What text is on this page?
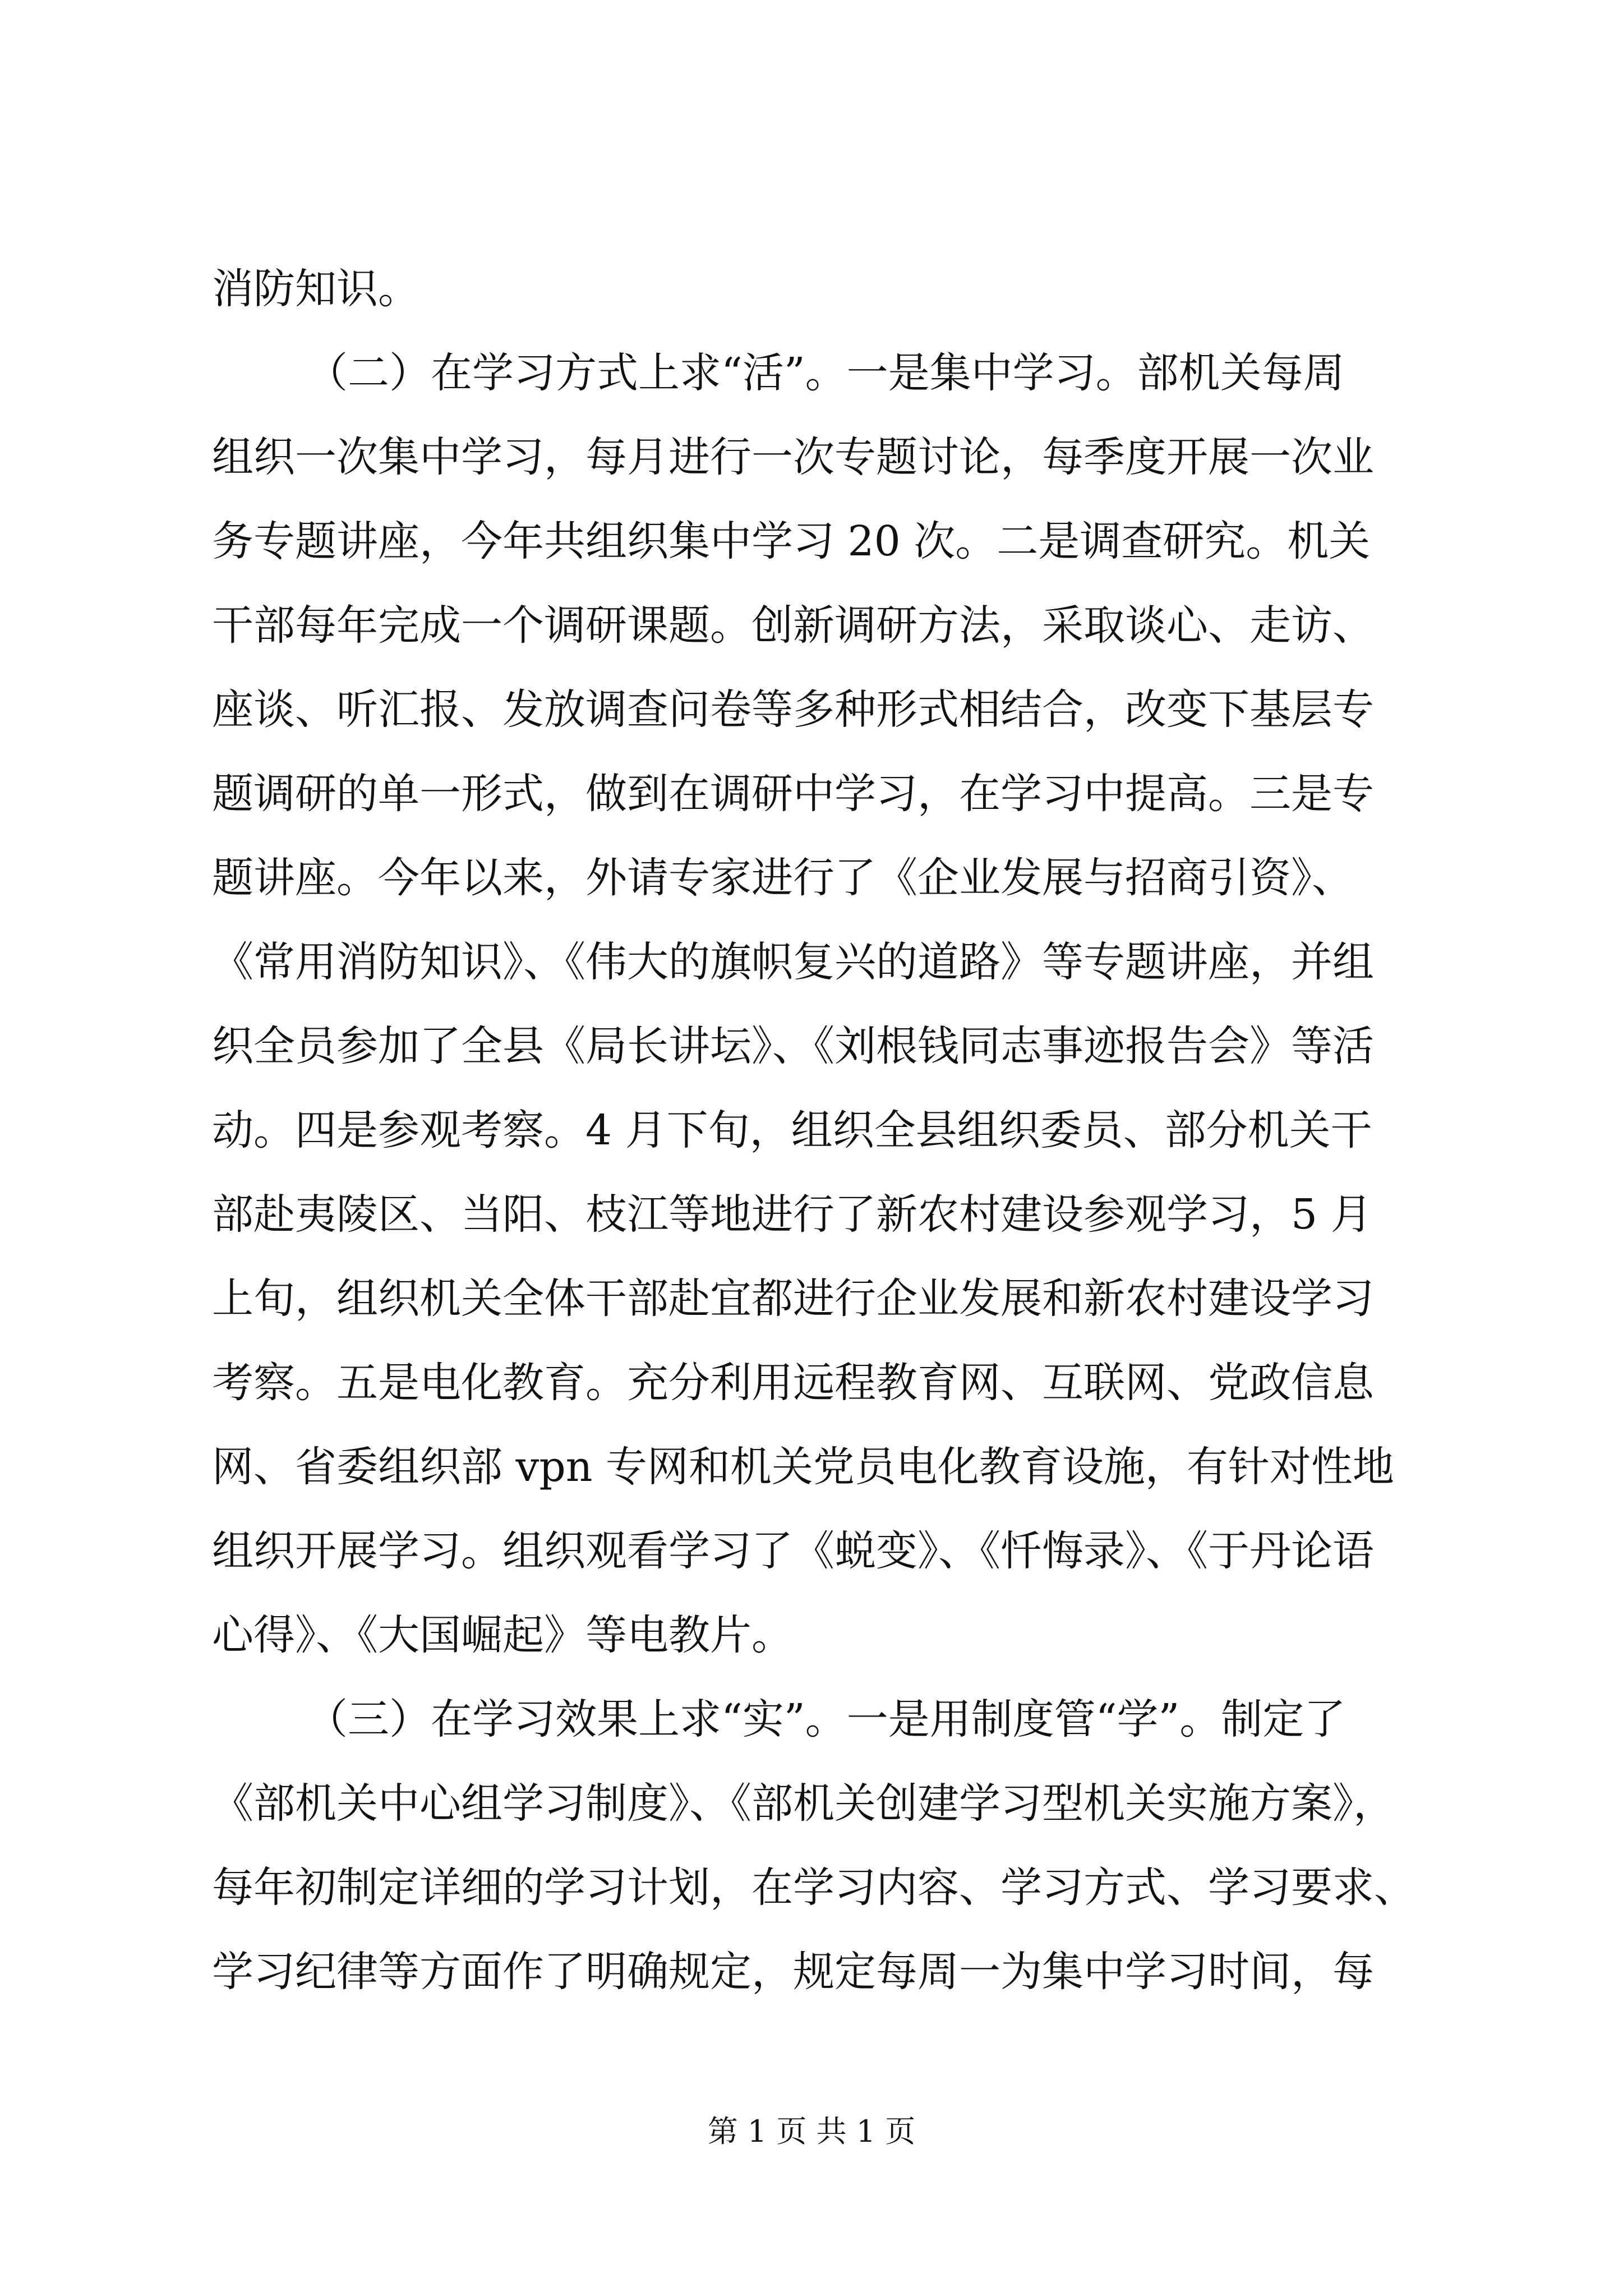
消防知识。
（二）在学习方式上求“活”。一是集中学习。部机关每周
组织一次集中学习，每月进行一次专题讨论，每季度开展一次业
务专题讲座，今年共组织集中学习 20 次。二是调查研究。机关
干部每年完成一个调研课题。创新调研方法，采取谈心、走访、
座谈、听汇报、发放调查问卷等多种形式相结合，改变下基层专
题调研的单一形式，做到在调研中学习，在学习中提高。三是专
题讲座。今年以来，外请专家进行了《企业发展与招商引资》、
《常用消防知识》、《伟大的旗帜复兴的道路》等专题讲座，并组
织全员参加了全县《局长讲坛》、《刘根钱同志事迹报告会》等活
动。四是参观考察。4 月下旬，组织全县组织委员、部分机关干
部赴夷陵区、当阳、枝江等地进行了新农村建设参观学习，5 月
上旬，组织机关全体干部赴宜都进行企业发展和新农村建设学习
考察。五是电化教育。充分利用远程教育网、互联网、党政信息
网、省委组织部 vpn 专网和机关党员电化教育设施，有针对性地
组织开展学习。组织观看学习了《蜕变》、《忏悔录》、《于丹论语
心得》、《大国崛起》等电教片。
（三）在学习效果上求“实”。一是用制度管“学”。制定了
《部机关中心组学习制度》、《部机关创建学习型机关实施方案》，
每年初制定详细的学习计划，在学习内容、学习方式、学习要求、
学习纪律等方面作了明确规定，规定每周一为集中学习时间，每
第 1 页 共 1 页
